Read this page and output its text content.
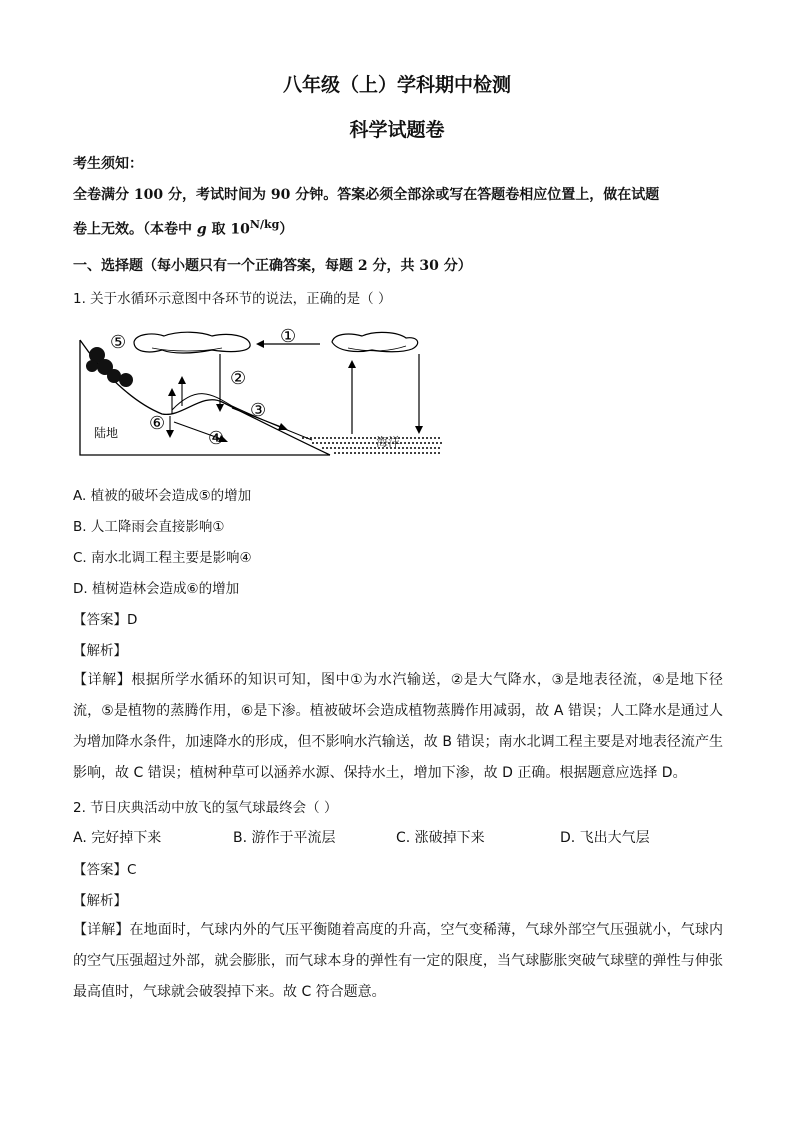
八年级（上）学科期中检测
科学试题卷
考生须知：
全卷满分 100 分，考试时间为 90 分钟。答案必须全部涂或写在答题卷相应位置上，做在试题
卷上无效。（本卷中 g 取 $10^{N/kg}$）
一、选择题（每小题只有一个正确答案，每题 2 分，共 30 分）
1. 关于水循环示意图中各环节的说法，正确的是（ ）
陆地
海洋
①
②
③
④
⑤
⑥
A. 植被的破坏会造成⑤的增加
B. 人工降雨会直接影响①
C. 南水北调工程主要是影响④
D. 植树造林会造成⑥的增加
【答案】D
【解析】
【详解】根据所学水循环的知识可知，图中①为水汽输送，②是大气降水，③是地表径流，④是地下径流，⑤是植物的蒸腾作用，⑥是下渗。植被破坏会造成植物蒸腾作用减弱，故 A 错误；人工降水是通过人为增加降水条件，加速降水的形成，但不影响水汽输送，故 B 错误；南水北调工程主要是对地表径流产生影响，故 C 错误；植树种草可以涵养水源、保持水土，增加下渗，故 D 正确。根据题意应选择 D。
2. 节日庆典活动中放飞的氢气球最终会（ ）
A. 完好掉下来	B. 游作于平流层	C. 涨破掉下来	D. 飞出大气层
【答案】C
【解析】
【详解】在地面时，气球内外的气压平衡随着高度的升高，空气变稀薄，气球外部空气压强就小，气球内的空气压强超过外部，就会膨胀，而气球本身的弹性有一定的限度，当气球膨胀突破气球壁的弹性与伸张最高值时，气球就会破裂掉下来。故 C 符合题意。
